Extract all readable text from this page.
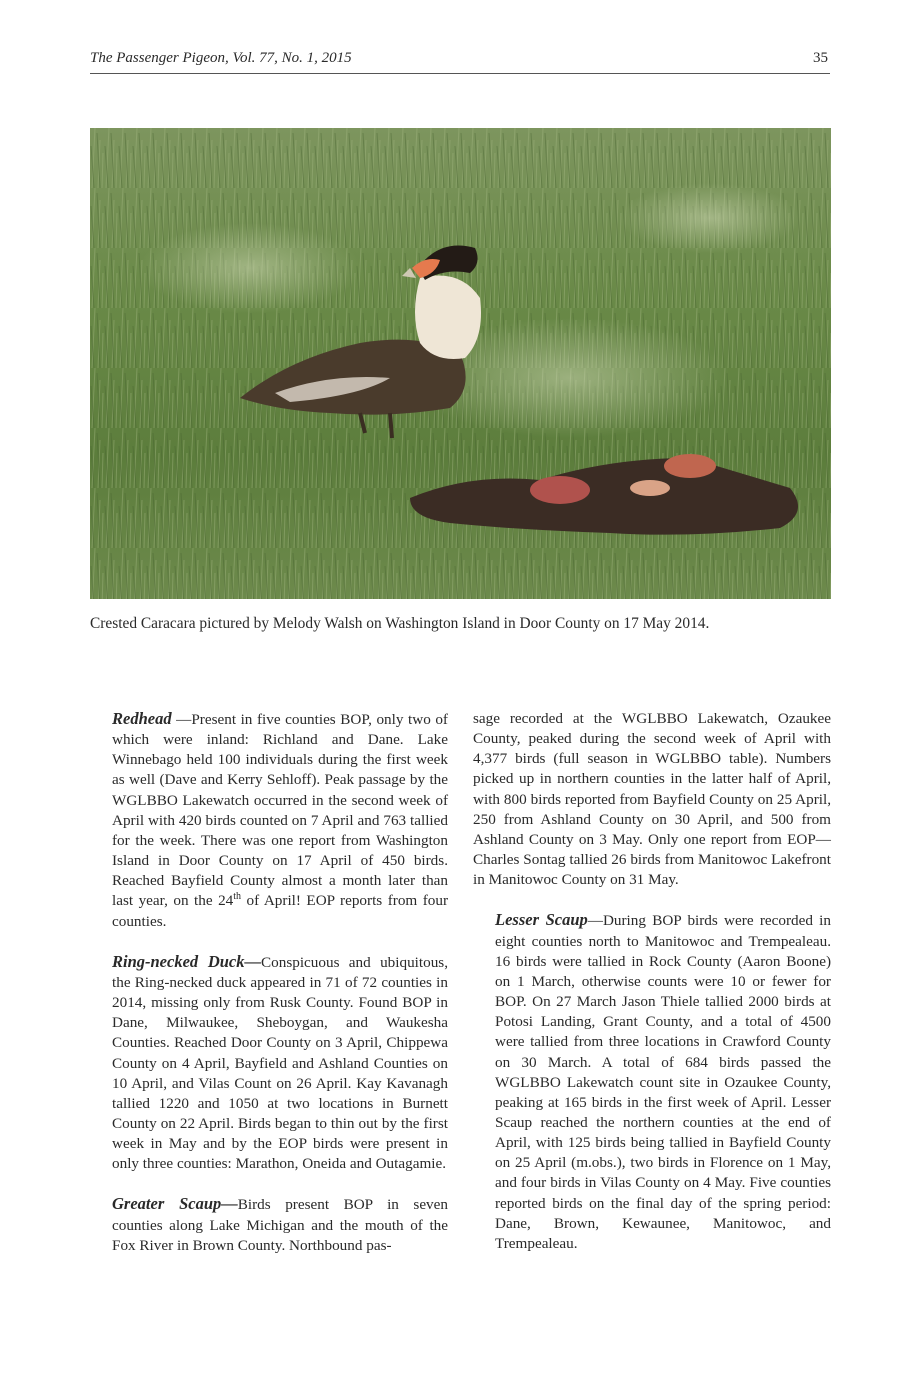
The Passenger Pigeon, Vol. 77, No. 1, 2015	35
Crested Caracara pictured by Melody Walsh on Washington Island in Door County on 17 May 2014.

Redhead —Present in five counties BOP, only two of which were inland: Richland and Dane. Lake Winnebago held 100 individuals during the first week as well (Dave and Kerry Sehloff). Peak passage by the WGLBBO Lakewatch occurred in the second week of April with 420 birds counted on 7 April and 763 tallied for the week. There was one report from Washington Island in Door County on 17 April of 450 birds. Reached Bayfield County almost a month later than last year, on the 24th of April! EOP reports from four counties.

Ring-necked Duck—Conspicuous and ubiquitous, the Ring-necked duck appeared in 71 of 72 counties in 2014, missing only from Rusk County. Found BOP in Dane, Milwaukee, Sheboygan, and Waukesha Counties. Reached Door County on 3 April, Chippewa County on 4 April, Bayfield and Ashland Counties on 10 April, and Vilas Count on 26 April. Kay Kavanagh tallied 1220 and 1050 at two locations in Burnett County on 22 April. Birds began to thin out by the first week in May and by the EOP birds were present in only three counties: Marathon, Oneida and Outagamie.

Greater Scaup—Birds present BOP in seven counties along Lake Michigan and the mouth of the Fox River in Brown County. Northbound pas-

sage recorded at the WGLBBO Lakewatch, Ozaukee County, peaked during the second week of April with 4,377 birds (full season in WGLBBO table). Numbers picked up in northern counties in the latter half of April, with 800 birds reported from Bayfield County on 25 April, 250 from Ashland County on 30 April, and 500 from Ashland County on 3 May. Only one report from EOP—Charles Sontag tallied 26 birds from Manitowoc Lakefront in Manitowoc County on 31 May.

Lesser Scaup—During BOP birds were recorded in eight counties north to Manitowoc and Trempealeau. 16 birds were tallied in Rock County (Aaron Boone) on 1 March, otherwise counts were 10 or fewer for BOP. On 27 March Jason Thiele tallied 2000 birds at Potosi Landing, Grant County, and a total of 4500 were tallied from three locations in Crawford County on 30 March. A total of 684 birds passed the WGLBBO Lakewatch count site in Ozaukee County, peaking at 165 birds in the first week of April. Lesser Scaup reached the northern counties at the end of April, with 125 birds being tallied in Bayfield County on 25 April (m.obs.), two birds in Florence on 1 May, and four birds in Vilas County on 4 May. Five counties reported birds on the final day of the spring period: Dane, Brown, Kewaunee, Manitowoc, and Trempealeau.
